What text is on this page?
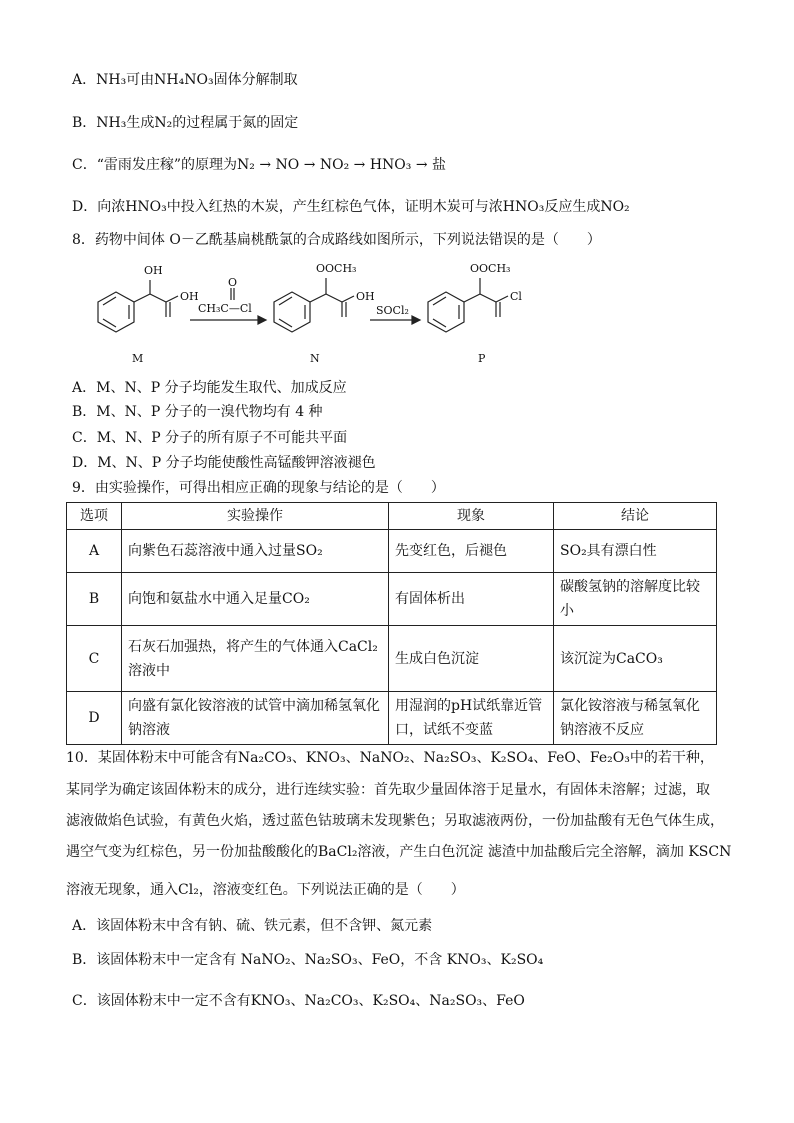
A．NH₃可由NH₄NO₃固体分解制取
B．NH₃生成N₂的过程属于氮的固定
C．“雷雨发庄稼”的原理为N₂ → NO → NO₂ → HNO₃ → 盐
D．向浓HNO₃中投入红热的木炭，产生红棕色气体，证明木炭可与浓HNO₃反应生成NO₂
8．药物中间体 O－乙酰基扁桃酰氯的合成路线如图所示，下列说法错误的是（　　）
OH
OH
O
CH₃C—Cl
OOCH₃
OH
SOCl₂
OOCH₃
Cl
M	N	P
A．M、N、P 分子均能发生取代、加成反应
B．M、N、P 分子的一溴代物均有 4 种
C．M、N、P 分子的所有原子不可能共平面
D．M、N、P 分子均能使酸性高锰酸钾溶液褪色
9．由实验操作，可得出相应正确的现象与结论的是（　　）
选项	实验操作	现象	结论
A	向紫色石蕊溶液中通入过量SO₂	先变红色，后褪色	SO₂具有漂白性
B	向饱和氨盐水中通入足量CO₂	有固体析出	碳酸氢钠的溶解度比较小
C	石灰石加强热，将产生的气体通入CaCl₂溶液中	生成白色沉淀	该沉淀为CaCO₃
D	向盛有氯化铵溶液的试管中滴加稀氢氧化钠溶液	用湿润的pH试纸靠近管口，试纸不变蓝	氯化铵溶液与稀氢氧化钠溶液不反应
10．某固体粉末中可能含有Na₂CO₃、KNO₃、NaNO₂、Na₂SO₃、K₂SO₄、FeO、Fe₂O₃中的若干种，
某同学为确定该固体粉末的成分，进行连续实验：首先取少量固体溶于足量水，有固体未溶解；过滤，取
滤液做焰色试验，有黄色火焰，透过蓝色钴玻璃未发现紫色；另取滤液两份，一份加盐酸有无色气体生成，
遇空气变为红棕色，另一份加盐酸酸化的BaCl₂溶液，产生白色沉淀 滤渣中加盐酸后完全溶解，滴加 KSCN
溶液无现象，通入Cl₂，溶液变红色。下列说法正确的是（　　）
A．该固体粉末中含有钠、硫、铁元素，但不含钾、氮元素
B．该固体粉末中一定含有 NaNO₂、Na₂SO₃、FeO，不含 KNO₃、K₂SO₄
C．该固体粉末中一定不含有KNO₃、Na₂CO₃、K₂SO₄、Na₂SO₃、FeO
